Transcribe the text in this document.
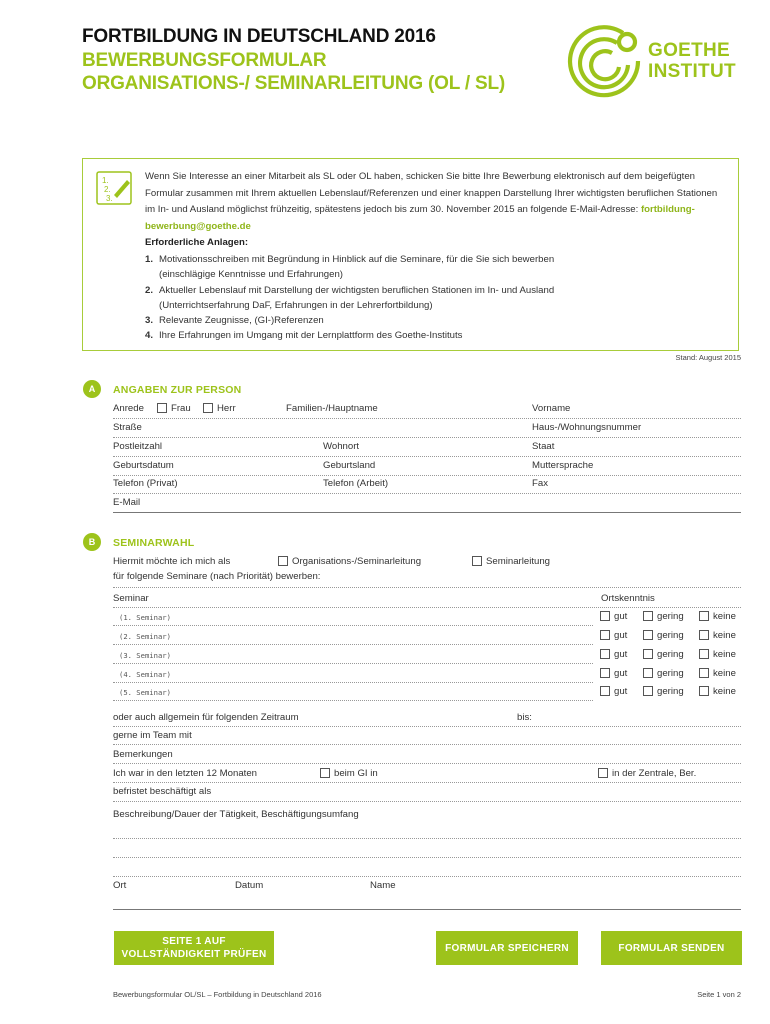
FORTBILDUNG IN DEUTSCHLAND 2016
BEWERBUNGSFORMULAR
ORGANISATIONS-/ SEMINARLEITUNG (OL / SL)
GOETHE
INSTITUT
1.
2.
3.
Wenn Sie Interesse an einer Mitarbeit als SL oder OL haben, schicken Sie bitte Ihre Bewerbung elektronisch auf dem beigefügten Formular zusammen mit Ihrem aktuellen Lebenslauf/Referenzen und einer knappen Darstellung Ihrer wichtigsten beruflichen Stationen im In- und Ausland möglichst frühzeitig, spätestens jedoch bis zum 30. November 2015 an folgende E-Mail-Adresse: fortbildung-bewerbung@goethe.de
Erforderliche Anlagen:
1. Motivationsschreiben mit Begründung in Hinblick auf die Seminare, für die Sie sich bewerben
(einschlägige Kenntnisse und Erfahrungen)
2. Aktueller Lebenslauf mit Darstellung der wichtigsten beruflichen Stationen im In- und Ausland
(Unterrichtserfahrung DaF, Erfahrungen in der Lehrerfortbildung)
3. Relevante Zeugnisse, (GI-)Referenzen
4. Ihre Erfahrungen im Umgang mit der Lernplattform des Goethe-Instituts
Stand: August 2015
A	ANGABEN ZUR PERSON
Anrede	Frau	Herr	Familien-/Hauptname	Vorname
Straße	Haus-/Wohnungsnummer
Postleitzahl	Wohnort	Staat
Geburtsdatum	Geburtsland	Muttersprache
Telefon (Privat)	Telefon (Arbeit)	Fax
E-Mail
B	SEMINARWAHL
Hiermit möchte ich mich als	Organisations-/Seminarleitung	Seminarleitung
für folgende Seminare (nach Priorität) bewerben:
Seminar	Ortskenntnis
(1. Seminar)	gut	gering	keine
(2. Seminar)	gut	gering	keine
(3. Seminar)	gut	gering	keine
(4. Seminar)	gut	gering	keine
(5. Seminar)	gut	gering	keine
oder auch allgemein für folgenden Zeitraum	bis:
gerne im Team mit
Bemerkungen
Ich war in den letzten 12 Monaten	beim GI in	in der Zentrale, Ber.
befristet beschäftigt als
Beschreibung/Dauer der Tätigkeit, Beschäftigungsumfang
Ort	Datum	Name
SEITE 1 AUF
VOLLSTÄNDIGKEIT PRÜFEN
FORMULAR SPEICHERN	FORMULAR SENDEN
Bewerbungsformular OL/SL – Fortbildung in Deutschland 2016	Seite 1 von 2
